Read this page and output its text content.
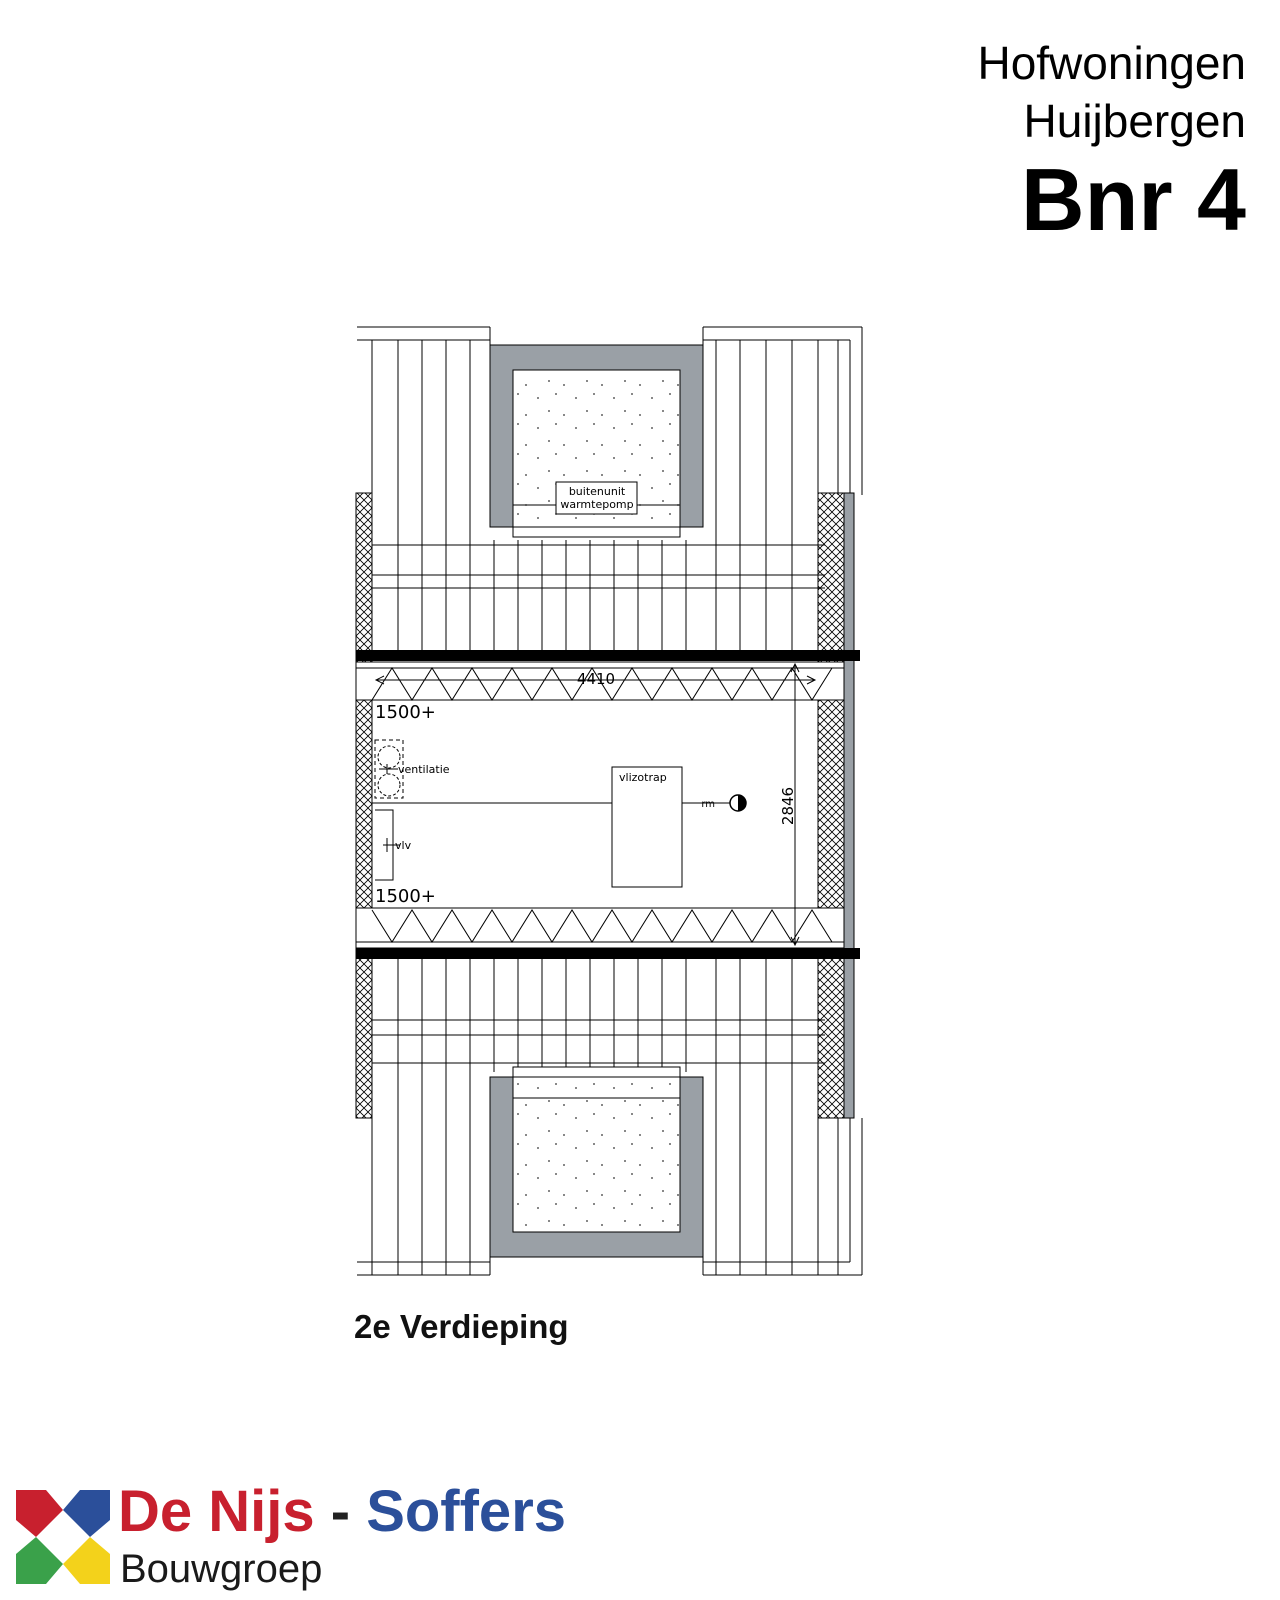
Hofwoningen
Huijbergen
Bnr 4
buitenunit
warmtepomp
4410
2846
1500+
1500+
ventilatie
vlv
vlizotrap
rm
2e Verdieping
De Nijs - Soffers
Bouwgroep
